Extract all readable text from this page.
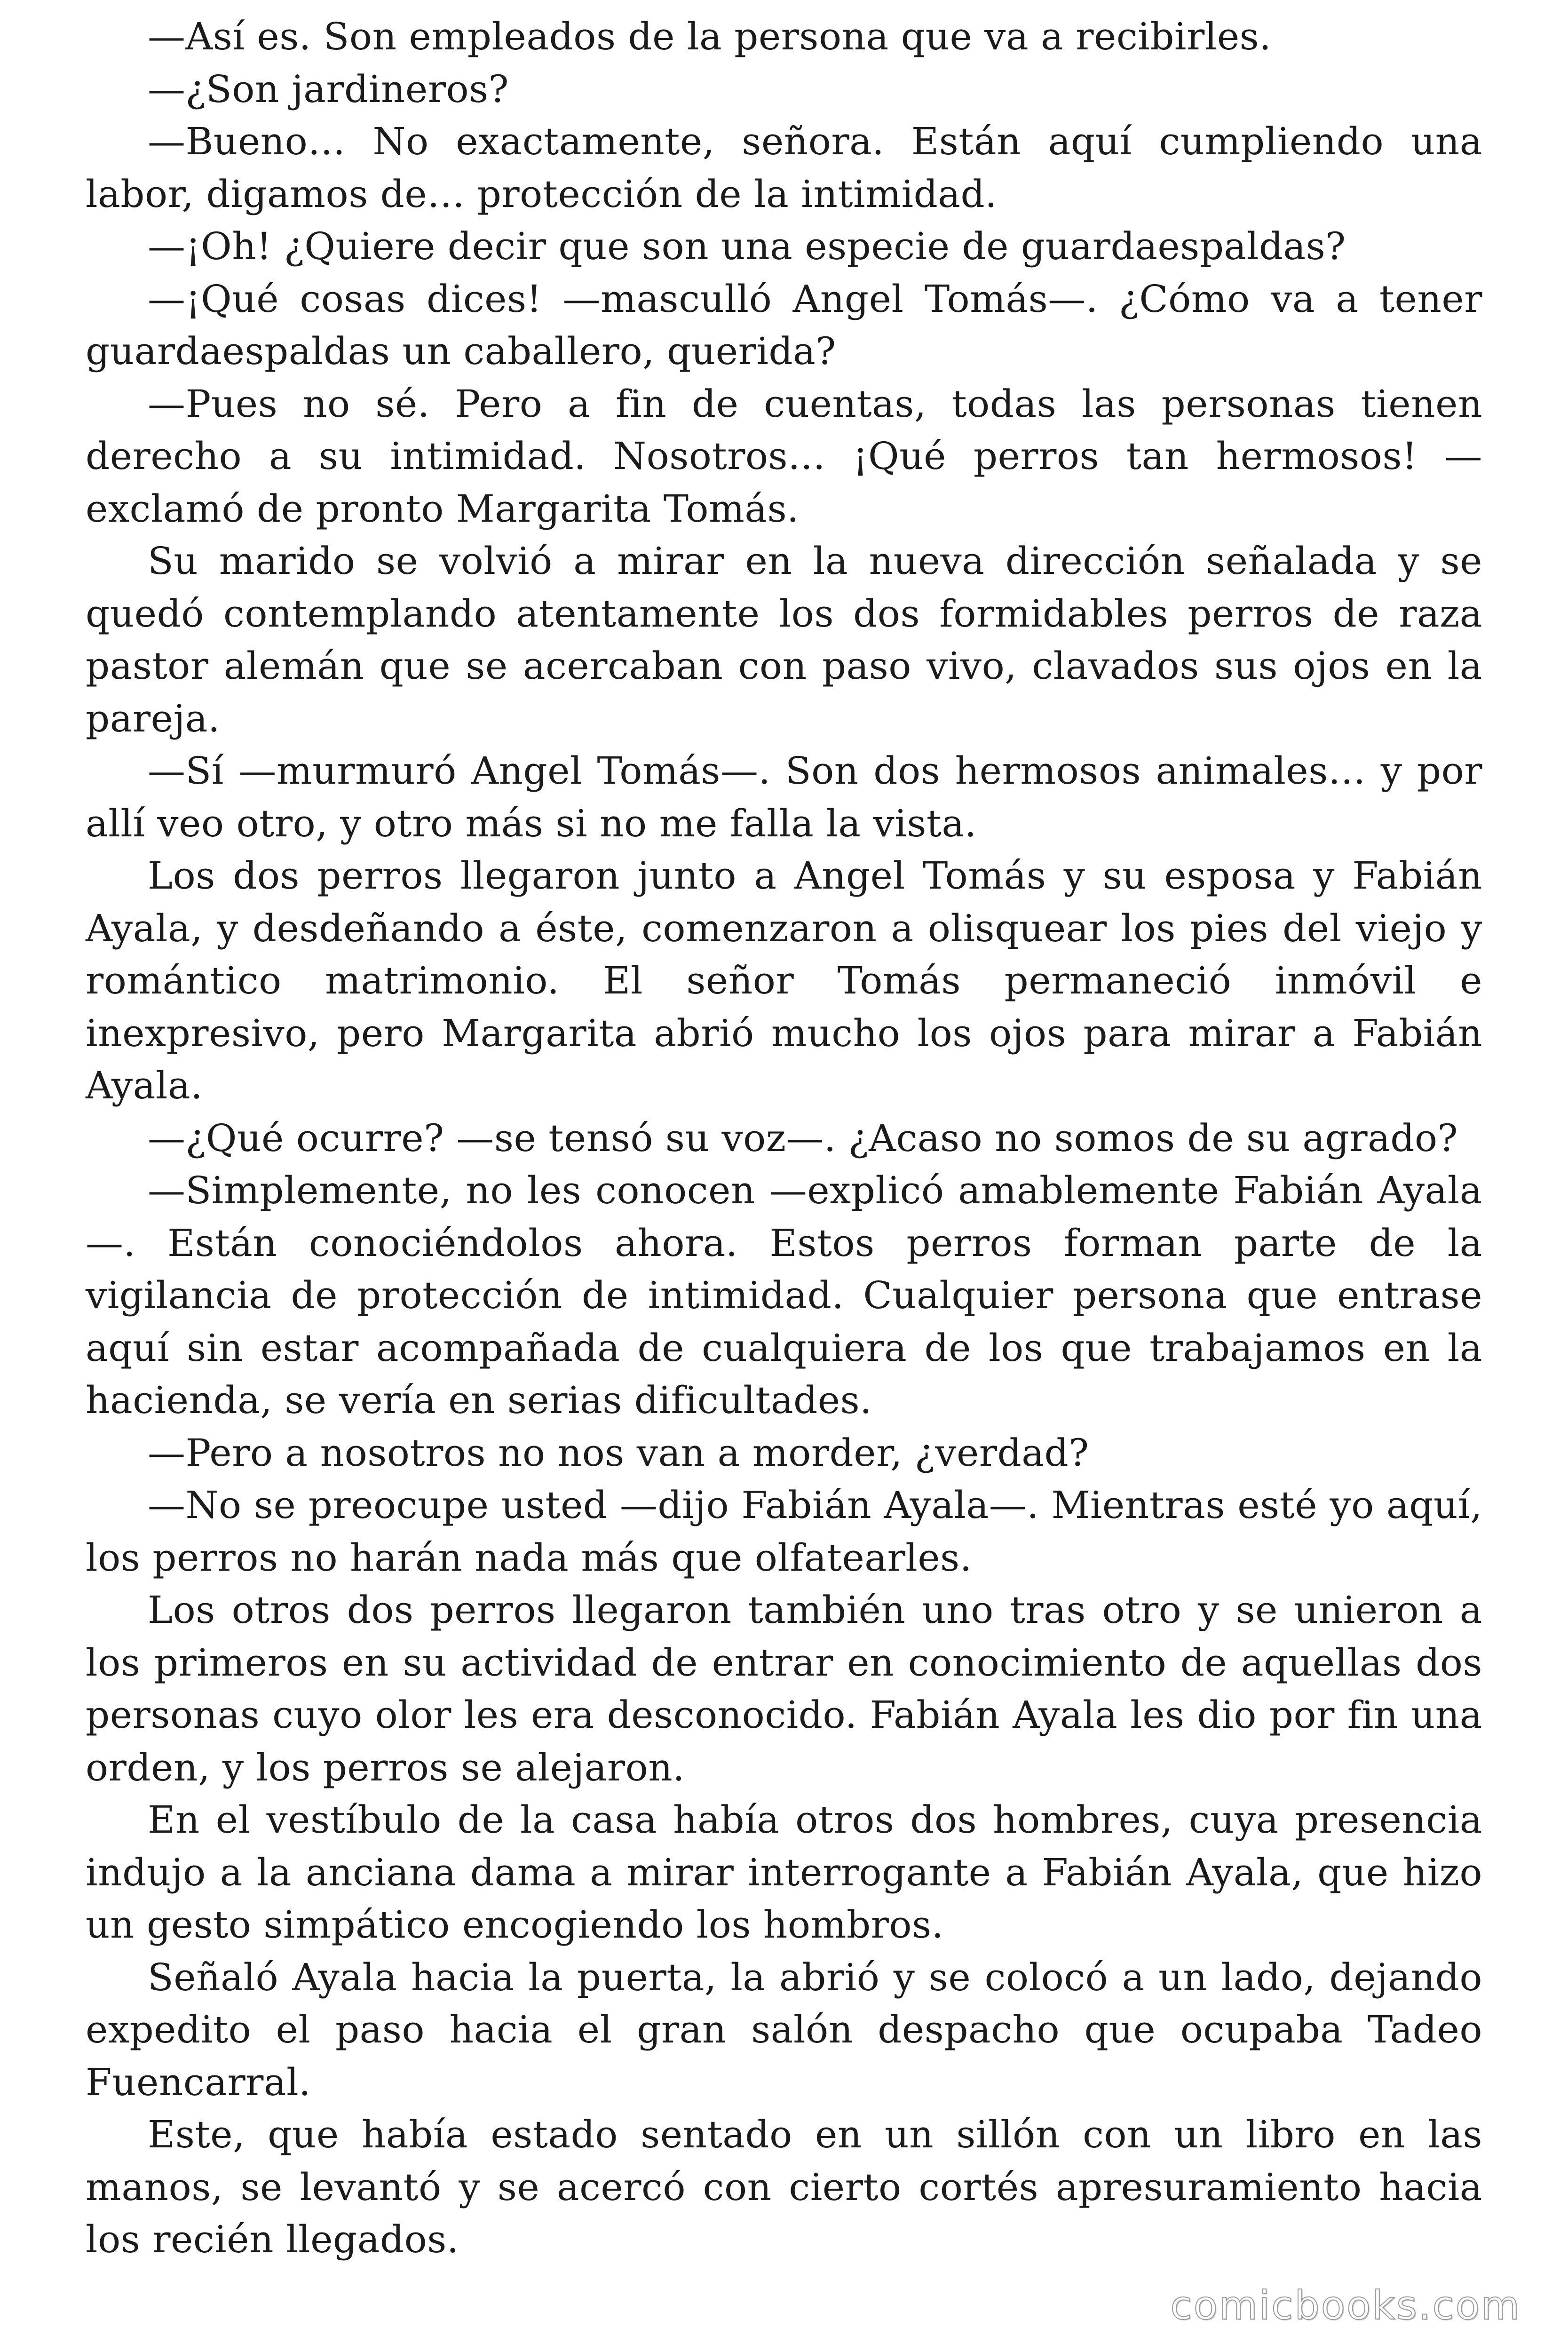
—Así es. Son empleados de la persona que va a recibirles.

—¿Son jardineros?

—Bueno… No exactamente, señora. Están aquí cumpliendo una labor, digamos de… protección de la intimidad.

—¡Oh! ¿Quiere decir que son una especie de guardaespaldas?

—¡Qué cosas dices! —masculló Angel Tomás—. ¿Cómo va a tener guardaespaldas un caballero, querida?

—Pues no sé. Pero a fin de cuentas, todas las personas tienen derecho a su intimidad. Nosotros… ¡Qué perros tan hermosos! —exclamó de pronto Margarita Tomás.

Su marido se volvió a mirar en la nueva dirección señalada y se quedó contemplando atentamente los dos formidables perros de raza pastor alemán que se acercaban con paso vivo, clavados sus ojos en la pareja.

—Sí —murmuró Angel Tomás—. Son dos hermosos animales… y por allí veo otro, y otro más si no me falla la vista.

Los dos perros llegaron junto a Angel Tomás y su esposa y Fabián Ayala, y desdeñando a éste, comenzaron a olisquear los pies del viejo y romántico matrimonio. El señor Tomás permaneció inmóvil e inexpresivo, pero Margarita abrió mucho los ojos para mirar a Fabián Ayala.

—¿Qué ocurre? —se tensó su voz—. ¿Acaso no somos de su agrado?

—Simplemente, no les conocen —explicó amablemente Fabián Ayala —. Están conociéndolos ahora. Estos perros forman parte de la vigilancia de protección de intimidad. Cualquier persona que entrase aquí sin estar acompañada de cualquiera de los que trabajamos en la hacienda, se vería en serias dificultades.

—Pero a nosotros no nos van a morder, ¿verdad?

—No se preocupe usted —dijo Fabián Ayala—. Mientras esté yo aquí, los perros no harán nada más que olfatearles.

Los otros dos perros llegaron también uno tras otro y se unieron a los primeros en su actividad de entrar en conocimiento de aquellas dos personas cuyo olor les era desconocido. Fabián Ayala les dio por fin una orden, y los perros se alejaron.

En el vestíbulo de la casa había otros dos hombres, cuya presencia indujo a la anciana dama a mirar interrogante a Fabián Ayala, que hizo un gesto simpático encogiendo los hombros.

Señaló Ayala hacia la puerta, la abrió y se colocó a un lado, dejando expedito el paso hacia el gran salón despacho que ocupaba Tadeo Fuencarral.

Este, que había estado sentado en un sillón con un libro en las manos, se levantó y se acercó con cierto cortés apresuramiento hacia los recién llegados.

comicbooks.com
